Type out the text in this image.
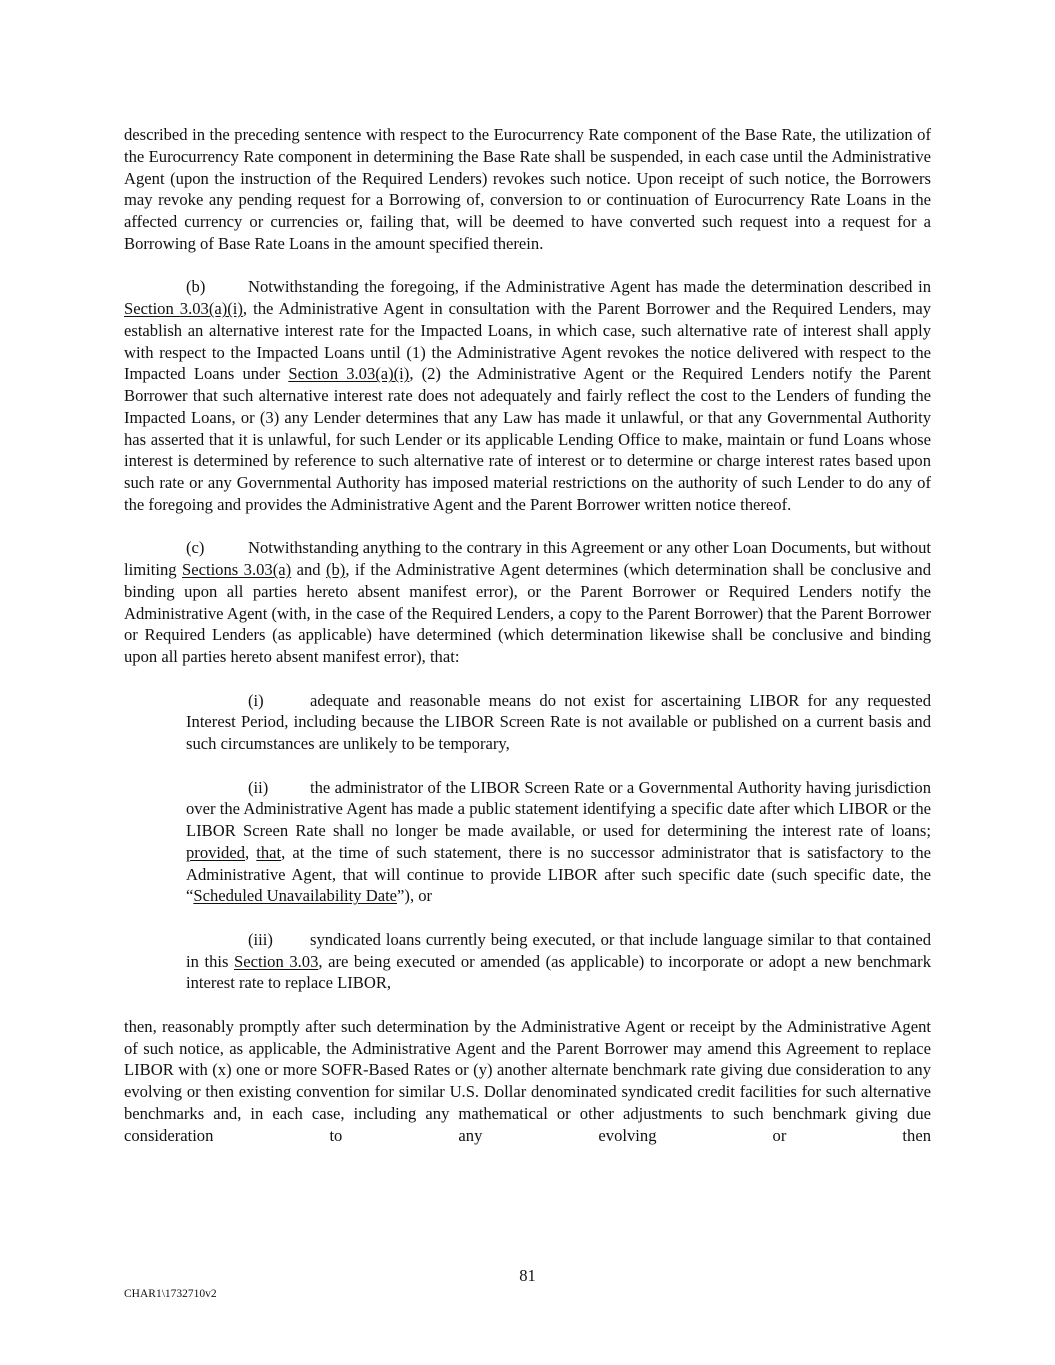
described in the preceding sentence with respect to the Eurocurrency Rate component of the Base Rate, the utilization of the Eurocurrency Rate component in determining the Base Rate shall be suspended, in each case until the Administrative Agent (upon the instruction of the Required Lenders) revokes such notice. Upon receipt of such notice, the Borrowers may revoke any pending request for a Borrowing of, conversion to or continuation of Eurocurrency Rate Loans in the affected currency or currencies or, failing that, will be deemed to have converted such request into a request for a Borrowing of Base Rate Loans in the amount specified therein.

(b)	Notwithstanding the foregoing, if the Administrative Agent has made the determination described in Section 3.03(a)(i), the Administrative Agent in consultation with the Parent Borrower and the Required Lenders, may establish an alternative interest rate for the Impacted Loans, in which case, such alternative rate of interest shall apply with respect to the Impacted Loans until (1) the Administrative Agent revokes the notice delivered with respect to the Impacted Loans under Section 3.03(a)(i), (2) the Administrative Agent or the Required Lenders notify the Parent Borrower that such alternative interest rate does not adequately and fairly reflect the cost to the Lenders of funding the Impacted Loans, or (3) any Lender determines that any Law has made it unlawful, or that any Governmental Authority has asserted that it is unlawful, for such Lender or its applicable Lending Office to make, maintain or fund Loans whose interest is determined by reference to such alternative rate of interest or to determine or charge interest rates based upon such rate or any Governmental Authority has imposed material restrictions on the authority of such Lender to do any of the foregoing and provides the Administrative Agent and the Parent Borrower written notice thereof.

(c)	Notwithstanding anything to the contrary in this Agreement or any other Loan Documents, but without limiting Sections 3.03(a) and (b), if the Administrative Agent determines (which determination shall be conclusive and binding upon all parties hereto absent manifest error), or the Parent Borrower or Required Lenders notify the Administrative Agent (with, in the case of the Required Lenders, a copy to the Parent Borrower) that the Parent Borrower or Required Lenders (as applicable) have determined (which determination likewise shall be conclusive and binding upon all parties hereto absent manifest error), that:

(i)	adequate and reasonable means do not exist for ascertaining LIBOR for any requested Interest Period, including because the LIBOR Screen Rate is not available or published on a current basis and such circumstances are unlikely to be temporary,

(ii)	the administrator of the LIBOR Screen Rate or a Governmental Authority having jurisdiction over the Administrative Agent has made a public statement identifying a specific date after which LIBOR or the LIBOR Screen Rate shall no longer be made available, or used for determining the interest rate of loans; provided, that, at the time of such statement, there is no successor administrator that is satisfactory to the Administrative Agent, that will continue to provide LIBOR after such specific date (such specific date, the “Scheduled Unavailability Date”), or

(iii) syndicated loans currently being executed, or that include language similar to that contained in this Section 3.03, are being executed or amended (as applicable) to incorporate or adopt a new benchmark interest rate to replace LIBOR,

then, reasonably promptly after such determination by the Administrative Agent or receipt by the Administrative Agent of such notice, as applicable, the Administrative Agent and the Parent Borrower may amend this Agreement to replace LIBOR with (x) one or more SOFR-Based Rates or (y) another alternate benchmark rate giving due consideration to any evolving or then existing convention for similar U.S. Dollar denominated syndicated credit facilities for such alternative benchmarks and, in each case, including any mathematical or other adjustments to such benchmark giving due consideration to any evolving or then

81
CHAR1\1732710v2
